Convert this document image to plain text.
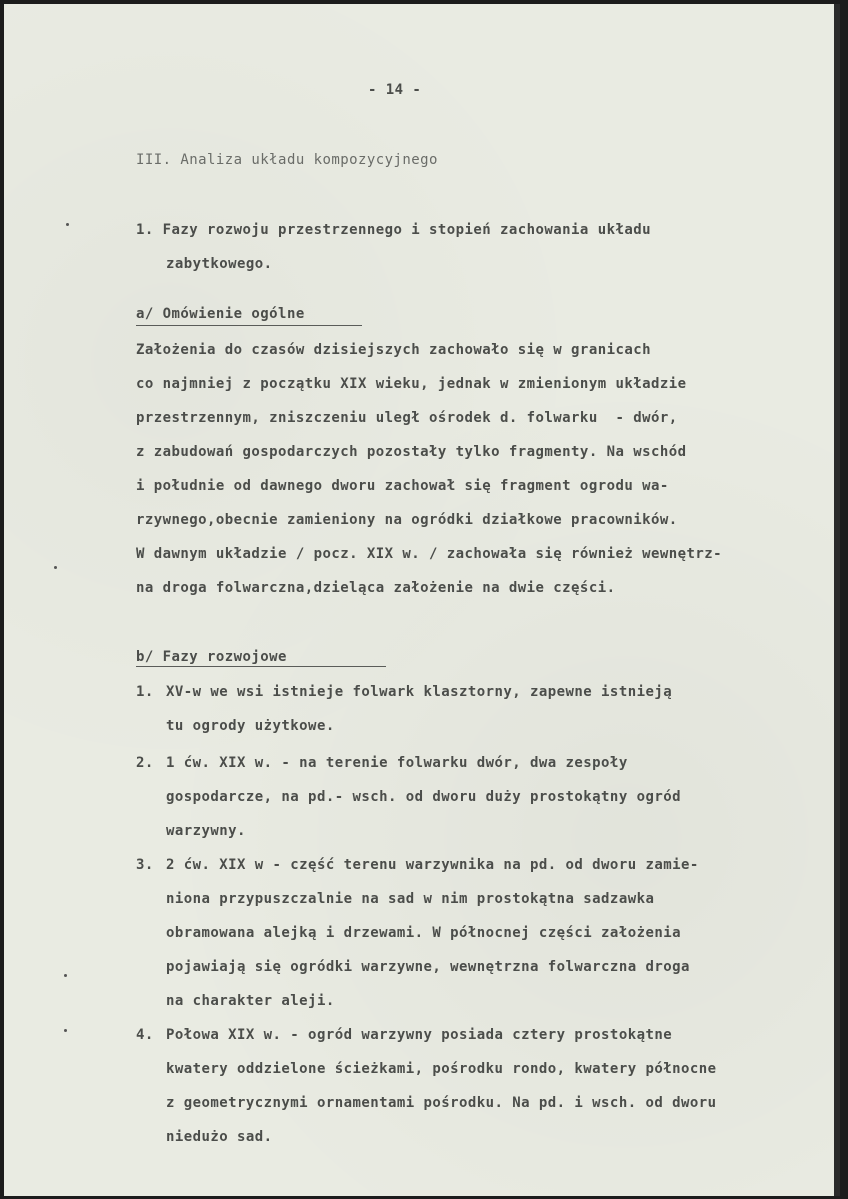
- 14 -
III. Analiza układu kompozycyjnego
1. Fazy rozwoju przestrzennego i stopień zachowania układu
zabytkowego.
a/ Omówienie ogólne
Założenia do czasów dzisiejszych zachowało się w granicach
co najmniej z początku XIX wieku, jednak w zmienionym układzie
przestrzennym, zniszczeniu uległ ośrodek d. folwarku  - dwór,
z zabudowań gospodarczych pozostały tylko fragmenty. Na wschód
i południe od dawnego dworu zachował się fragment ogrodu wa-
rzywnego,obecnie zamieniony na ogródki działkowe pracowników.
W dawnym układzie / pocz. XIX w. / zachowała się również wewnętrz-
na droga folwarczna,dzieląca założenie na dwie części.
b/ Fazy rozwojowe
1. XV-w we wsi istnieje folwark klasztorny, zapewne istnieją
tu ogrody użytkowe.
2. 1 ćw. XIX w. - na terenie folwarku dwór, dwa zespoły
gospodarcze, na pd.- wsch. od dworu duży prostokątny ogród
warzywny.
3. 2 ćw. XIX w - część terenu warzywnika na pd. od dworu zamie-
niona przypuszczalnie na sad w nim prostokątna sadzawka
obramowana alejką i drzewami. W północnej części założenia
pojawiają się ogródki warzywne, wewnętrzna folwarczna droga
na charakter aleji.
4. Połowa XIX w. - ogród warzywny posiada cztery prostokątne
kwatery oddzielone ścieżkami, pośrodku rondo, kwatery północne
z geometrycznymi ornamentami pośrodku. Na pd. i wsch. od dworu
niedużo sad.
